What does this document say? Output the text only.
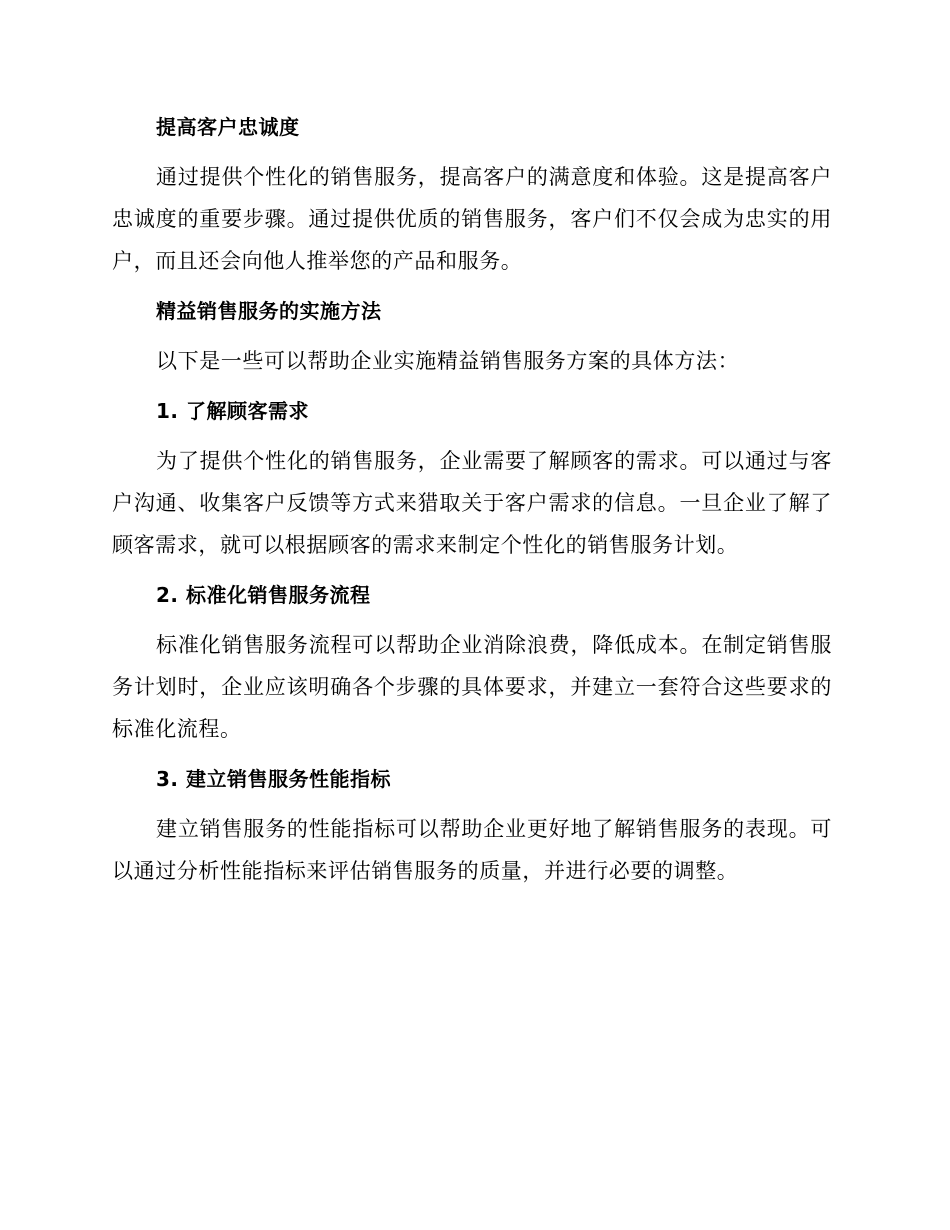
提高客户忠诚度

通过提供个性化的销售服务，提高客户的满意度和体验。这是提高客户忠诚度的重要步骤。通过提供优质的销售服务，客户们不仅会成为忠实的用户，而且还会向他人推举您的产品和服务。

精益销售服务的实施方法

以下是一些可以帮助企业实施精益销售服务方案的具体方法：

1. 了解顾客需求

为了提供个性化的销售服务，企业需要了解顾客的需求。可以通过与客户沟通、收集客户反馈等方式来猎取关于客户需求的信息。一旦企业了解了顾客需求，就可以根据顾客的需求来制定个性化的销售服务计划。

2. 标准化销售服务流程

标准化销售服务流程可以帮助企业消除浪费，降低成本。在制定销售服务计划时，企业应该明确各个步骤的具体要求，并建立一套符合这些要求的标准化流程。

3. 建立销售服务性能指标

建立销售服务的性能指标可以帮助企业更好地了解销售服务的表现。可以通过分析性能指标来评估销售服务的质量，并进行必要的调整。
